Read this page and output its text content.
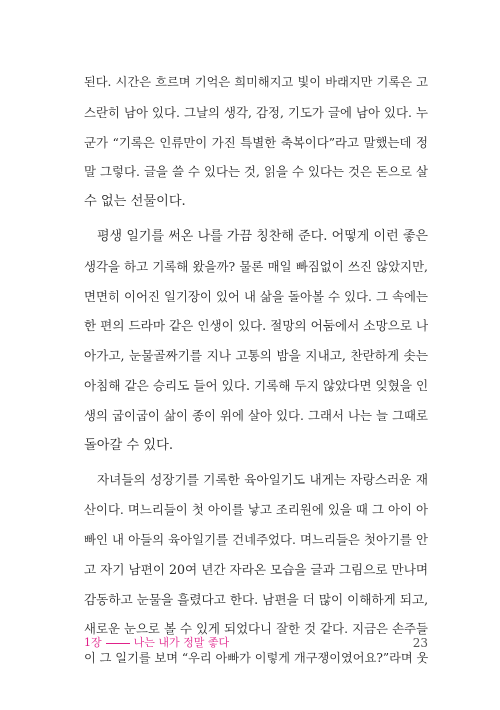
된다. 시간은 흐르며 기억은 희미해지고 빛이 바래지만 기록은 고
스란히 남아 있다. 그날의 생각, 감정, 기도가 글에 남아 있다. 누
군가 “기록은 인류만이 가진 특별한 축복이다”라고 말했는데 정
말 그렇다. 글을 쓸 수 있다는 것, 읽을 수 있다는 것은 돈으로 살
수 없는 선물이다.
평생 일기를 써온 나를 가끔 칭찬해 준다. 어떻게 이런 좋은
생각을 하고 기록해 왔을까? 물론 매일 빠짐없이 쓰진 않았지만,
면면히 이어진 일기장이 있어 내 삶을 돌아볼 수 있다. 그 속에는
한 편의 드라마 같은 인생이 있다. 절망의 어둠에서 소망으로 나
아가고, 눈물골짜기를 지나 고통의 밤을 지내고, 찬란하게 솟는
아침해 같은 승리도 들어 있다. 기록해 두지 않았다면 잊혔을 인
생의 굽이굽이 삶이 종이 위에 살아 있다. 그래서 나는 늘 그때로
돌아갈 수 있다.
자녀들의 성장기를 기록한 육아일기도 내게는 자랑스러운 재
산이다. 며느리들이 첫 아이를 낳고 조리원에 있을 때 그 아이 아
빠인 내 아들의 육아일기를 건네주었다. 며느리들은 첫아기를 안
고 자기 남편이 20여 년간 자라온 모습을 글과 그림으로 만나며
감동하고 눈물을 흘렸다고 한다. 남편을 더 많이 이해하게 되고,
새로운 눈으로 볼 수 있게 되었다니 잘한 것 같다. 지금은 손주들
이 그 일기를 보며 “우리 아빠가 이렇게 개구쟁이였어요?”라며 웃
1장	나는 내가 정말 좋다	23
